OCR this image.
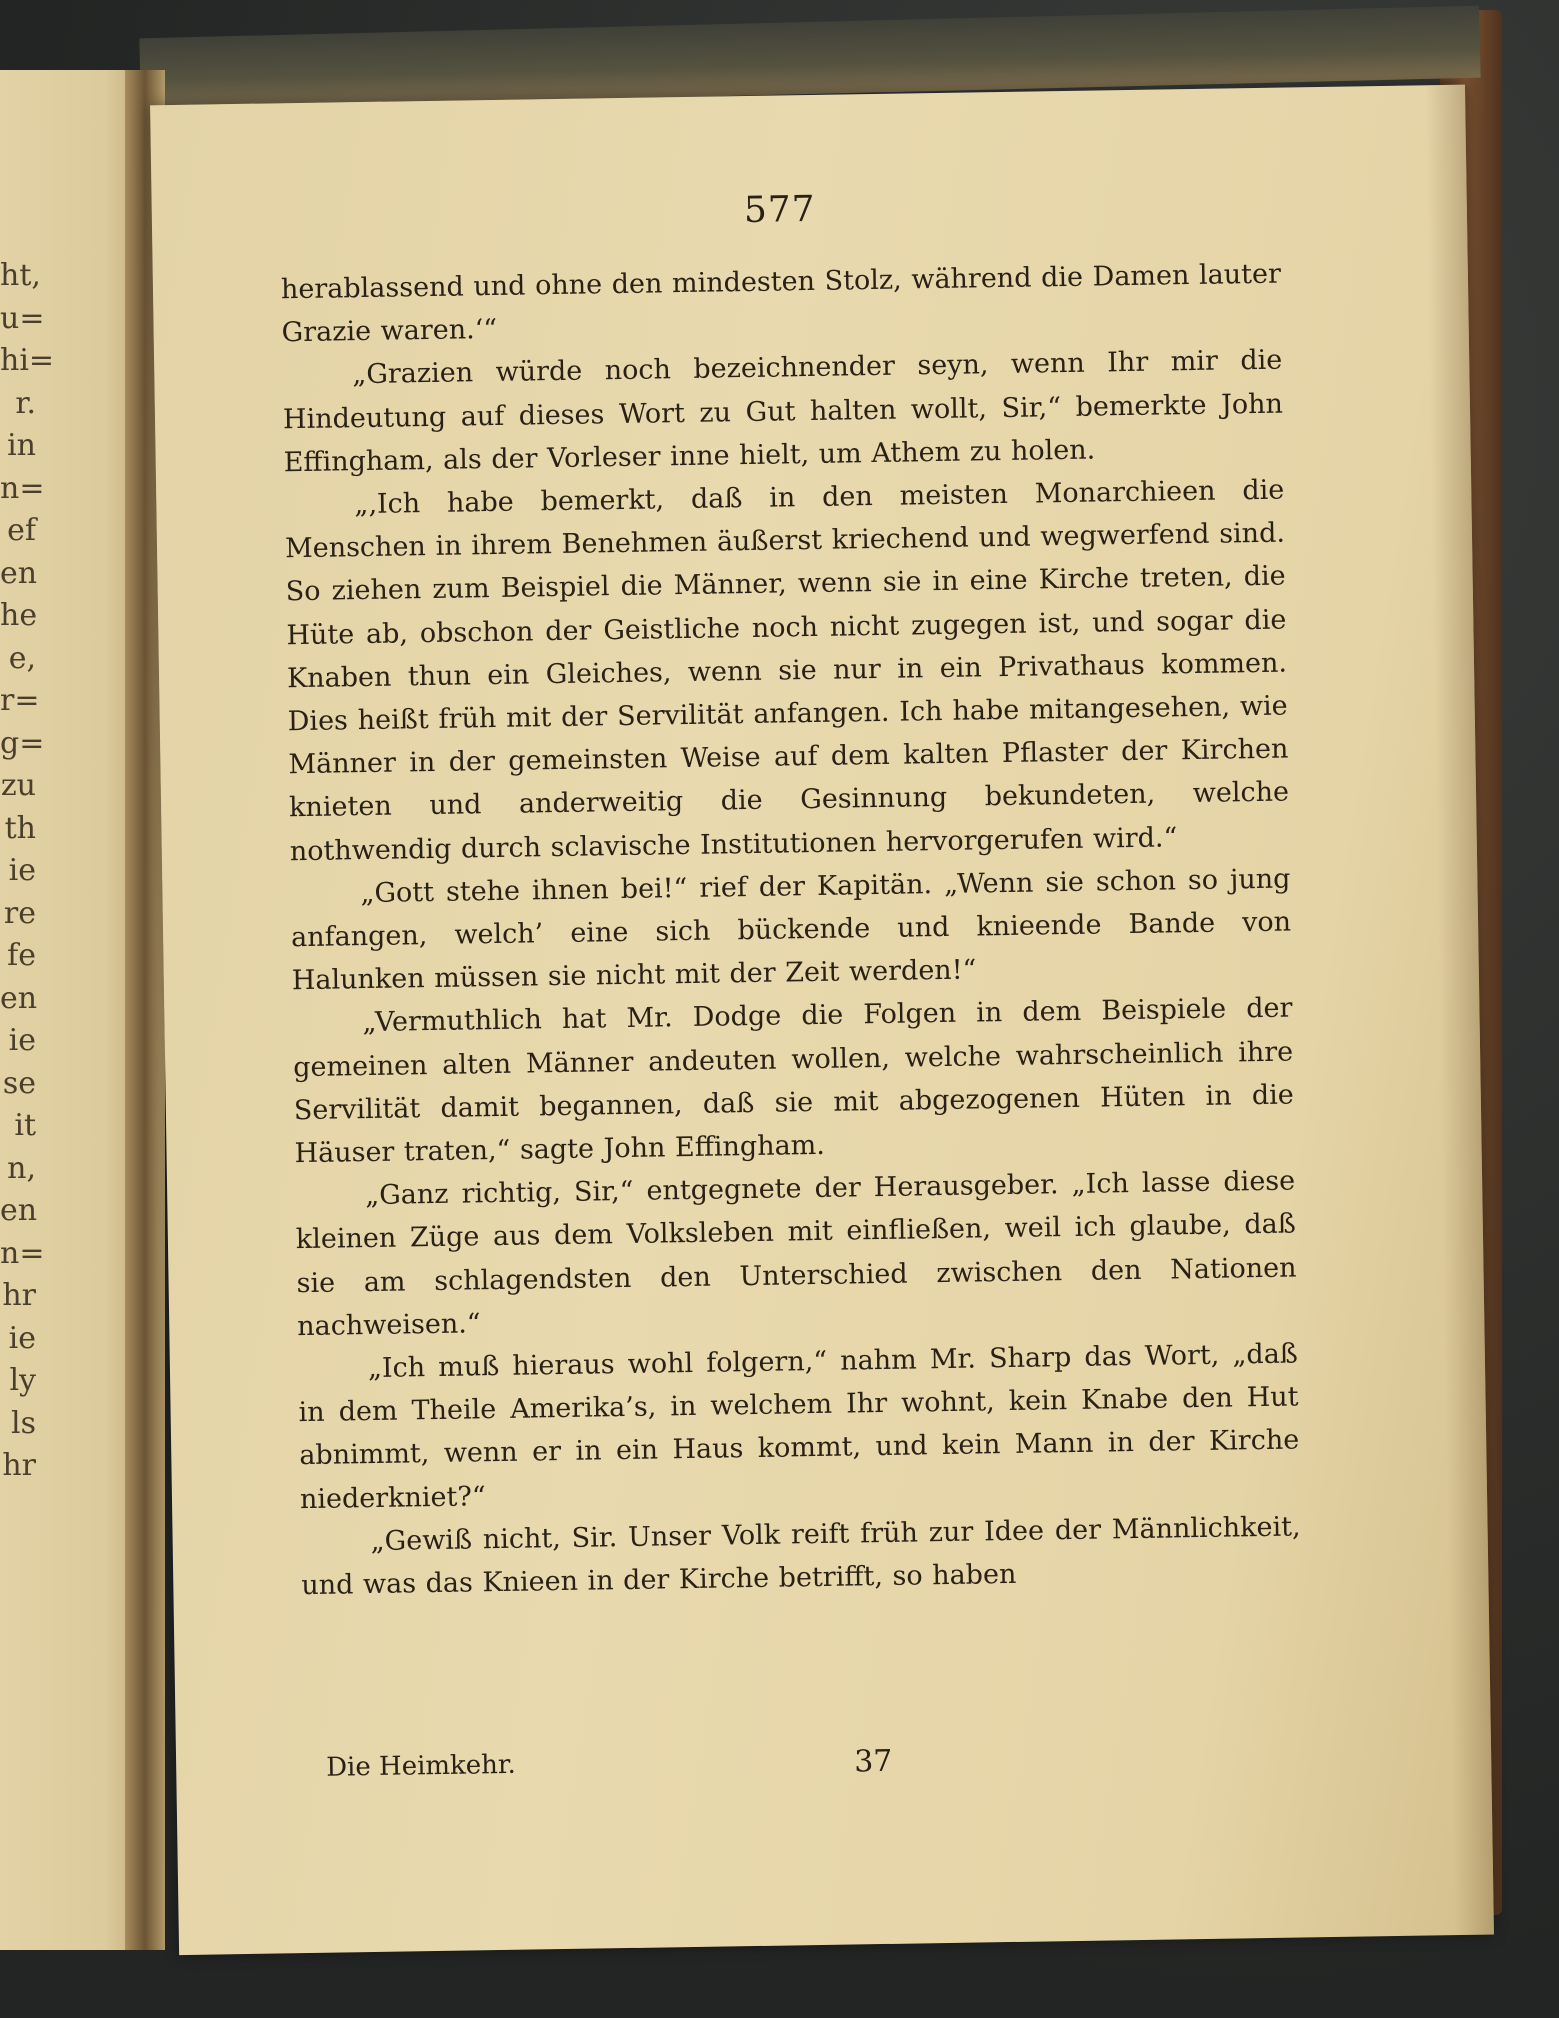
ht,
u=
hi=
r.
in
n=
ef
en
he
e,
r=
g=
zu
th
ie
re
fe
en
ie
se
it
n,
en
n=
hr
ie
ly
ls
hr
577

herablassend und ohne den mindesten Stolz, während die Damen lauter Grazie waren.‘“

„Grazien würde noch bezeichnender seyn, wenn Ihr mir die Hindeutung auf dieses Wort zu Gut halten wollt, Sir,“ bemerkte John Effingham, als der Vorleser inne hielt, um Athem zu holen.

„‚Ich habe bemerkt, daß in den meisten Monarchieen die Menschen in ihrem Benehmen äußerst kriechend und wegwerfend sind. So ziehen zum Beispiel die Männer, wenn sie in eine Kirche treten, die Hüte ab, obschon der Geistliche noch nicht zugegen ist, und sogar die Knaben thun ein Gleiches, wenn sie nur in ein Privathaus kommen. Dies heißt früh mit der Servilität anfangen. Ich habe mitangesehen, wie Männer in der gemeinsten Weise auf dem kalten Pflaster der Kirchen knieten und anderweitig die Gesinnung bekundeten, welche nothwendig durch sclavische Institutionen hervorgerufen wird.“

„Gott stehe ihnen bei!“ rief der Kapitän. „Wenn sie schon so jung anfangen, welch’ eine sich bückende und knieende Bande von Halunken müssen sie nicht mit der Zeit werden!“

„Vermuthlich hat Mr. Dodge die Folgen in dem Beispiele der gemeinen alten Männer andeuten wollen, welche wahrscheinlich ihre Servilität damit begannen, daß sie mit abgezogenen Hüten in die Häuser traten,“ sagte John Effingham.

„Ganz richtig, Sir,“ entgegnete der Herausgeber. „Ich lasse diese kleinen Züge aus dem Volksleben mit einfließen, weil ich glaube, daß sie am schlagendsten den Unterschied zwischen den Nationen nachweisen.“

„Ich muß hieraus wohl folgern,“ nahm Mr. Sharp das Wort, „daß in dem Theile Amerika’s, in welchem Ihr wohnt, kein Knabe den Hut abnimmt, wenn er in ein Haus kommt, und kein Mann in der Kirche niederkniet?“

„Gewiß nicht, Sir. Unser Volk reift früh zur Idee der Männlichkeit, und was das Knieen in der Kirche betrifft, so haben

Die Heimkehr.	37
